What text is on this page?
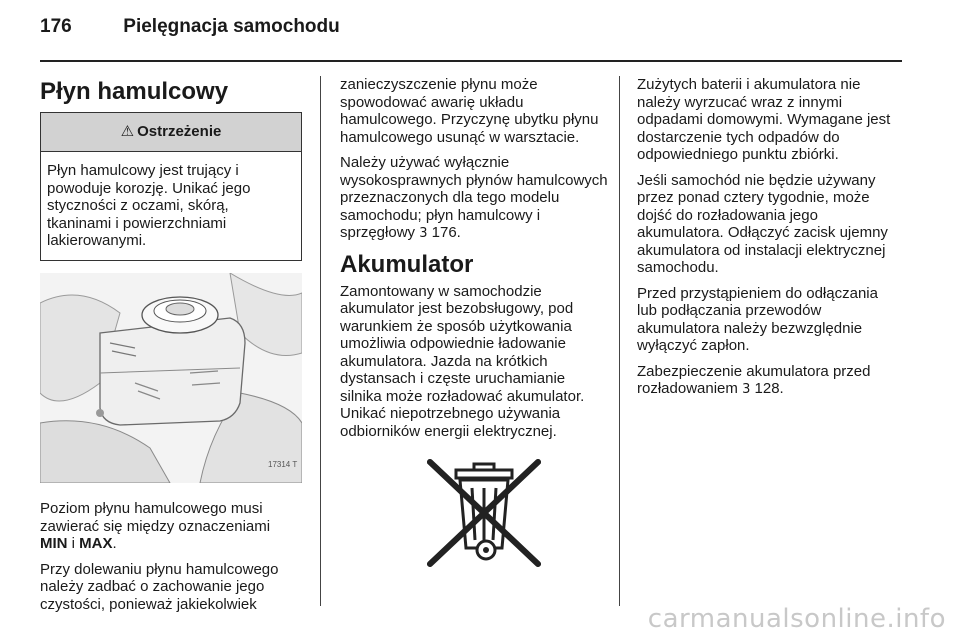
176	Pielęgnacja samochodu
Płyn hamulcowy
⚠ Ostrzeżenie
Płyn hamulcowy jest trujący i powoduje korozję. Unikać jego styczności z oczami, skórą, tkaninami i powierzchniami lakierowanymi.
17314 T

Poziom płynu hamulcowego musi zawierać się między oznaczeniami
MIN i MAX.

Przy dolewaniu płynu hamulcowego należy zadbać o zachowanie jego czystości, ponieważ jakiekolwiek

zanieczyszczenie płynu może spowodować awarię układu hamulcowego. Przyczynę ubytku płynu hamulcowego usunąć w warsztacie.

Należy używać wyłącznie wysokosprawnych płynów hamulcowych przeznaczonych dla tego modelu samochodu; płyn hamulcowy i sprzęgłowy 3 176.

Akumulator

Zamontowany w samochodzie akumulator jest bezobsługowy, pod warunkiem że sposób użytkowania umożliwia odpowiednie ładowanie akumulatora. Jazda na krótkich dystansach i częste uruchamianie silnika może rozładować akumulator. Unikać niepotrzebnego używania odbiorników energii elektrycznej.

Zużytych baterii i akumulatora nie należy wyrzucać wraz z innymi odpadami domowymi. Wymagane jest dostarczenie tych odpadów do odpowiedniego punktu zbiórki.

Jeśli samochód nie będzie używany przez ponad cztery tygodnie, może dojść do rozładowania jego akumulatora. Odłączyć zacisk ujemny akumulatora od instalacji elektrycznej samochodu.

Przed przystąpieniem do odłączania lub podłączania przewodów akumulatora należy bezwzględnie wyłączyć zapłon.

Zabezpieczenie akumulatora przed rozładowaniem 3 128.

carmanualsonline.info
